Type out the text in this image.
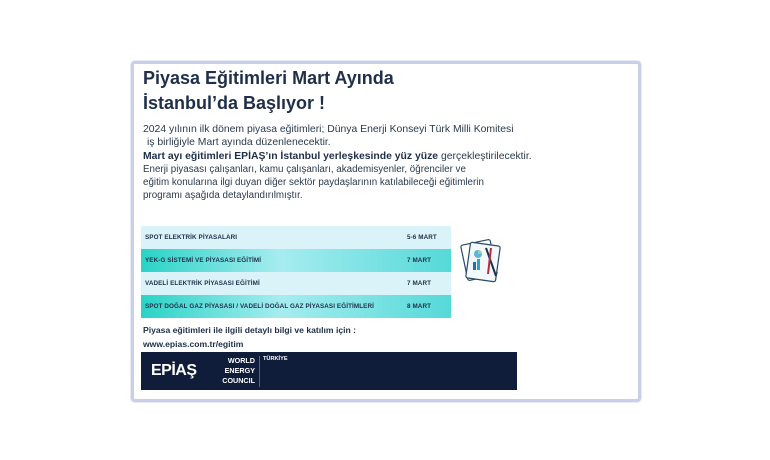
Piyasa Eğitimleri Mart Ayında
İstanbul’da Başlıyor !
2024 yılının ilk dönem piyasa eğitimleri; Dünya Enerji Konseyi Türk Milli Komitesi
iş birliğiyle Mart ayında düzenlenecektir.
Mart ayı eğitimleri EPİAŞ’ın İstanbul yerleşkesinde yüz yüze gerçekleştirilecektir.
Enerji piyasası çalışanları, kamu çalışanları, akademisyenler, öğrenciler ve
eğitim konularına ilgi duyan diğer sektör paydaşlarının katılabileceği eğitimlerin
programı aşağıda detaylandırılmıştır.
SPOT ELEKTRİK PİYASALARI	5-6 MART
YEK-G SİSTEMİ VE PİYASASI EĞİTİMİ	7 MART
VADELİ ELEKTRİK PİYASASI EĞİTİMİ	7 MART
SPOT DOĞAL GAZ PİYASASI / VADELİ DOĞAL GAZ PİYASASI EĞİTİMLERİ	8 MART
Piyasa eğitimleri ile ilgili detaylı bilgi ve katılım için :
www.epias.com.tr/egitim
EPİAŞ
WORLD
ENERGY
COUNCIL
TÜRKİYE
